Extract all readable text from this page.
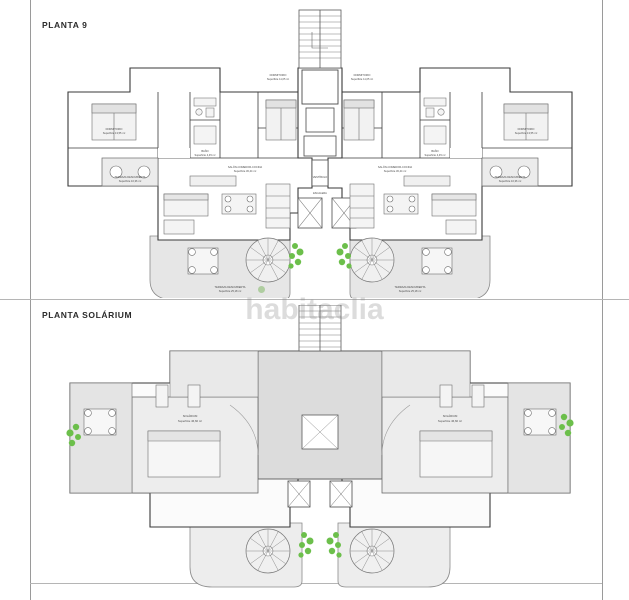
PLANTA 9
PLANTA SOLÁRIUM
DORMITORIO
Superficie 13,55 m²
BAÑO
Superficie 4,45 m²
DORMITORIO
Superficie 11,05 m²
DORMITORIO
Superficie 11,05 m²
BAÑO
Superficie 4,45 m²
DORMITORIO
Superficie 13,55 m²
SALÓN-COMEDOR-COCINA
Superficie 30,44 m²
SALÓN-COMEDOR-COCINA
Superficie 30,44 m²
TERRAZA DESCUBIERTA
Superficie 10,36 m²
TERRAZA DESCUBIERTA
Superficie 10,36 m²
TERRAZA DESCUBIERTA
Superficie 25,18 m²
TERRAZA DESCUBIERTA
Superficie 25,18 m²
VESTÍBULO
ESCALERA
SOLÁRIUM
Superficie 46,60 m²
SOLÁRIUM
Superficie 46,60 m²
habitaclia
